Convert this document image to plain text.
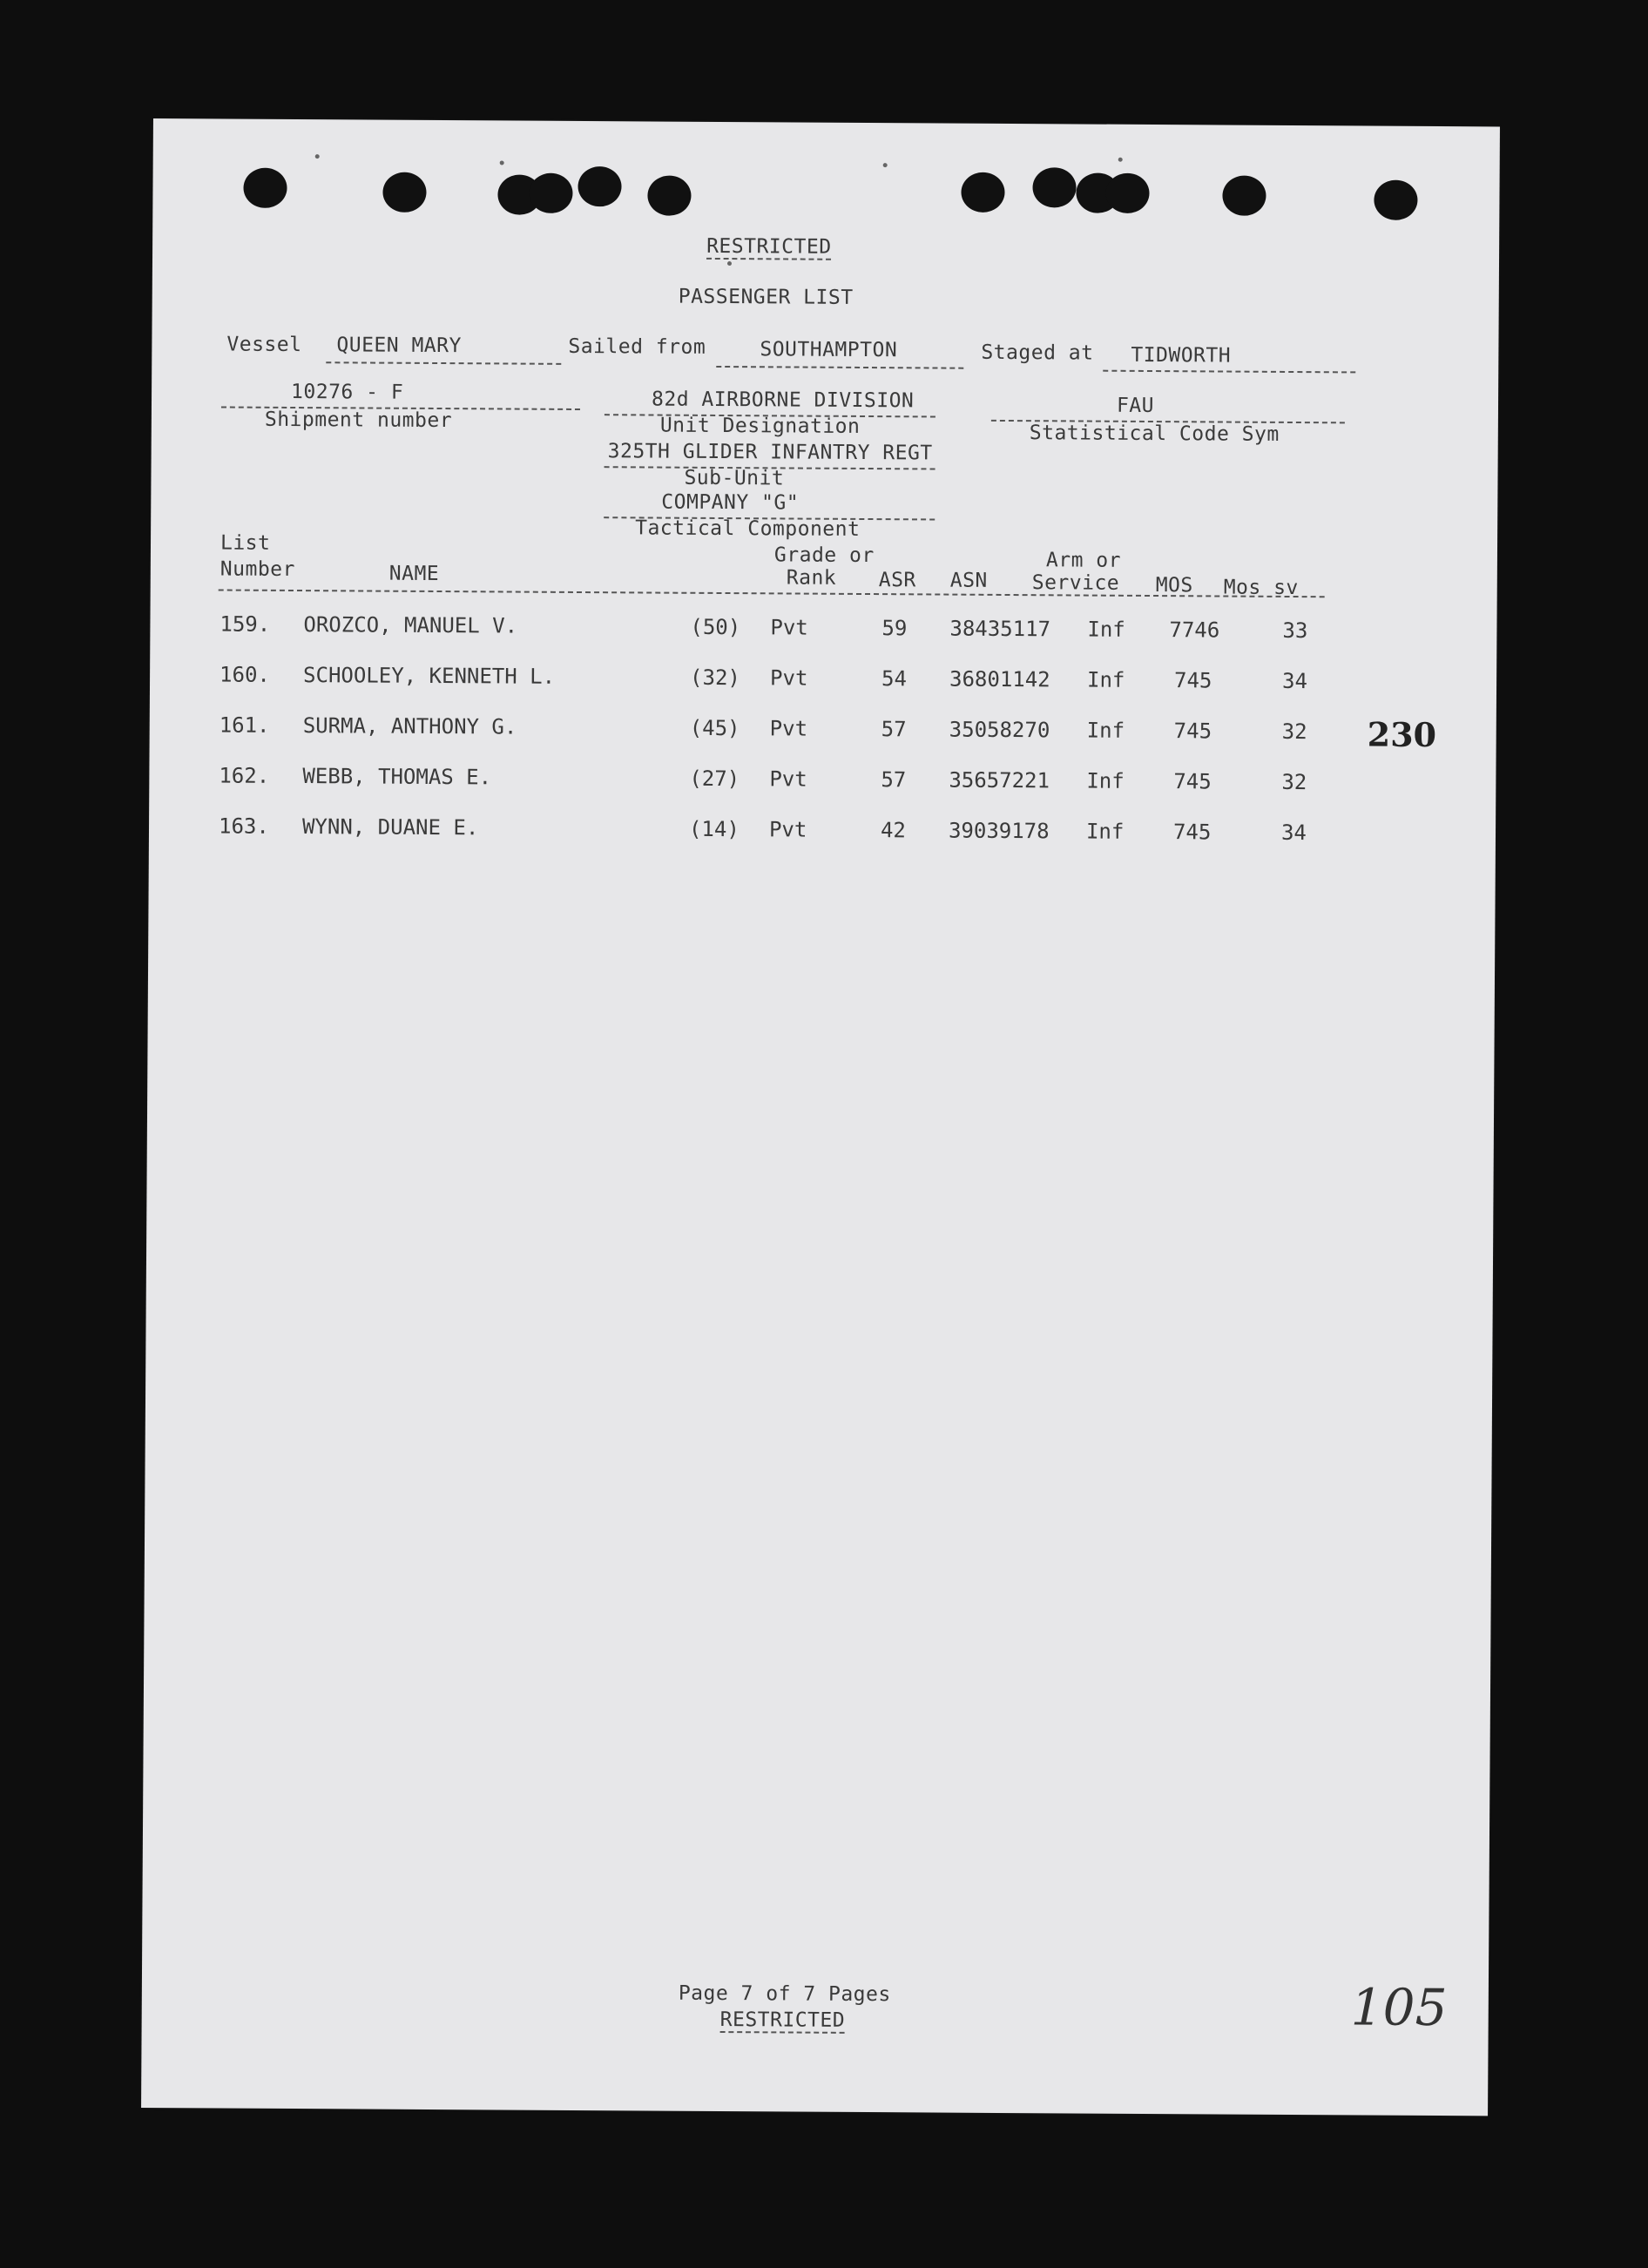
RESTRICTED
PASSENGER LIST
Vessel QUEEN MARY	Sailed from	SOUTHAMPTON	Staged at TIDWORTH
10276 - F
Shipment number
82d AIRBORNE DIVISION
Unit Designation
325TH GLIDER INFANTRY REGT
Sub-Unit
COMPANY "G"
Tactical Component
FAU
Statistical Code Sym
List
Number	NAME
Grade or
Rank ASR ASN
Arm or
Service MOS Mos sv
159. OROZCO, MANUEL V.	(50) Pvt	59 38435117 Inf 7746	33
160. SCHOOLEY, KENNETH L.	(32) Pvt	54 36801142 Inf 745	34
161. SURMA, ANTHONY G.	(45) Pvt	57 35058270 Inf 745	32
162. WEBB, THOMAS E.	(27) Pvt	57 35657221 Inf 745	32
163. WYNN, DUANE E.	(14) Pvt	42 39039178 Inf 745	34
230
Page 7 of 7 Pages
RESTRICTED	105
